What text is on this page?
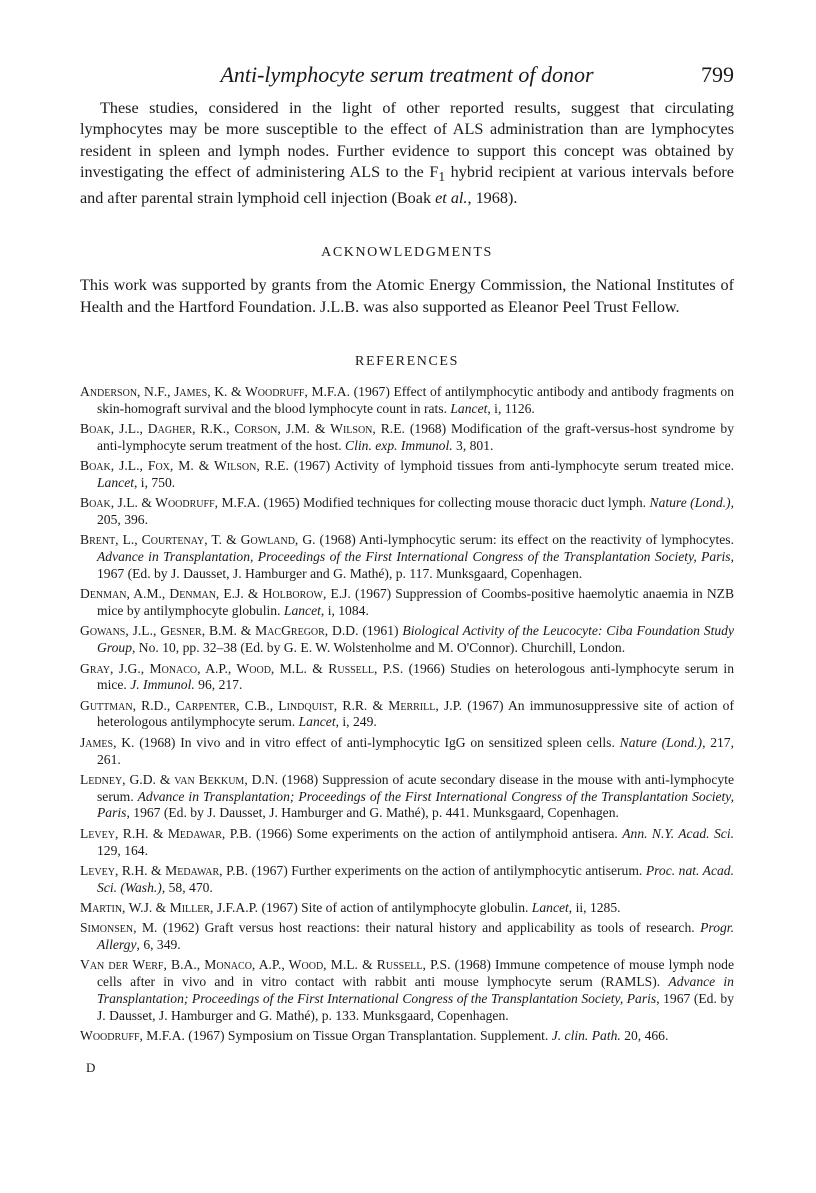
Anti-lymphocyte serum treatment of donor	799

These studies, considered in the light of other reported results, suggest that circulating lymphocytes may be more susceptible to the effect of ALS administration than are lymphocytes resident in spleen and lymph nodes. Further evidence to support this concept was obtained by investigating the effect of administering ALS to the $F_1$ hybrid recipient at various intervals before and after parental strain lymphoid cell injection (Boak et al., 1968).

ACKNOWLEDGMENTS

This work was supported by grants from the Atomic Energy Commission, the National Institutes of Health and the Hartford Foundation. J.L.B. was also supported as Eleanor Peel Trust Fellow.

REFERENCES
Anderson, N.F., James, K. & Woodruff, M.F.A. (1967) Effect of antilymphocytic antibody and antibody fragments on skin-homograft survival and the blood lymphocyte count in rats. Lancet, i, 1126.
Boak, J.L., Dagher, R.K., Corson, J.M. & Wilson, R.E. (1968) Modification of the graft-versus-host syndrome by anti-lymphocyte serum treatment of the host. Clin. exp. Immunol. 3, 801.
Boak, J.L., Fox, M. & Wilson, R.E. (1967) Activity of lymphoid tissues from anti-lymphocyte serum treated mice. Lancet, i, 750.
Boak, J.L. & Woodruff, M.F.A. (1965) Modified techniques for collecting mouse thoracic duct lymph. Nature (Lond.), 205, 396.
Brent, L., Courtenay, T. & Gowland, G. (1968) Anti-lymphocytic serum: its effect on the reactivity of lymphocytes. Advance in Transplantation, Proceedings of the First International Congress of the Transplantation Society, Paris, 1967 (Ed. by J. Dausset, J. Hamburger and G. Mathé), p. 117. Munksgaard, Copenhagen.
Denman, A.M., Denman, E.J. & Holborow, E.J. (1967) Suppression of Coombs-positive haemolytic anaemia in NZB mice by antilymphocyte globulin. Lancet, i, 1084.
Gowans, J.L., Gesner, B.M. & MacGregor, D.D. (1961) Biological Activity of the Leucocyte: Ciba Foundation Study Group, No. 10, pp. 32–38 (Ed. by G. E. W. Wolstenholme and M. O'Connor). Churchill, London.
Gray, J.G., Monaco, A.P., Wood, M.L. & Russell, P.S. (1966) Studies on heterologous anti-lymphocyte serum in mice. J. Immunol. 96, 217.
Guttman, R.D., Carpenter, C.B., Lindquist, R.R. & Merrill, J.P. (1967) An immunosuppressive site of action of heterologous antilymphocyte serum. Lancet, i, 249.
James, K. (1968) In vivo and in vitro effect of anti-lymphocytic IgG on sensitized spleen cells. Nature (Lond.), 217, 261.
Ledney, G.D. & van Bekkum, D.N. (1968) Suppression of acute secondary disease in the mouse with anti-lymphocyte serum. Advance in Transplantation; Proceedings of the First International Congress of the Transplantation Society, Paris, 1967 (Ed. by J. Dausset, J. Hamburger and G. Mathé), p. 441. Munksgaard, Copenhagen.
Levey, R.H. & Medawar, P.B. (1966) Some experiments on the action of antilymphoid antisera. Ann. N.Y. Acad. Sci. 129, 164.
Levey, R.H. & Medawar, P.B. (1967) Further experiments on the action of antilymphocytic antiserum. Proc. nat. Acad. Sci. (Wash.), 58, 470.
Martin, W.J. & Miller, J.F.A.P. (1967) Site of action of antilymphocyte globulin. Lancet, ii, 1285.
Simonsen, M. (1962) Graft versus host reactions: their natural history and applicability as tools of research. Progr. Allergy, 6, 349.
Van der Werf, B.A., Monaco, A.P., Wood, M.L. & Russell, P.S. (1968) Immune competence of mouse lymph node cells after in vivo and in vitro contact with rabbit anti mouse lymphocyte serum (RAMLS). Advance in Transplantation; Proceedings of the First International Congress of the Transplantation Society, Paris, 1967 (Ed. by J. Dausset, J. Hamburger and G. Mathé), p. 133. Munksgaard, Copenhagen.
Woodruff, M.F.A. (1967) Symposium on Tissue Organ Transplantation. Supplement. J. clin. Path. 20, 466.
D
